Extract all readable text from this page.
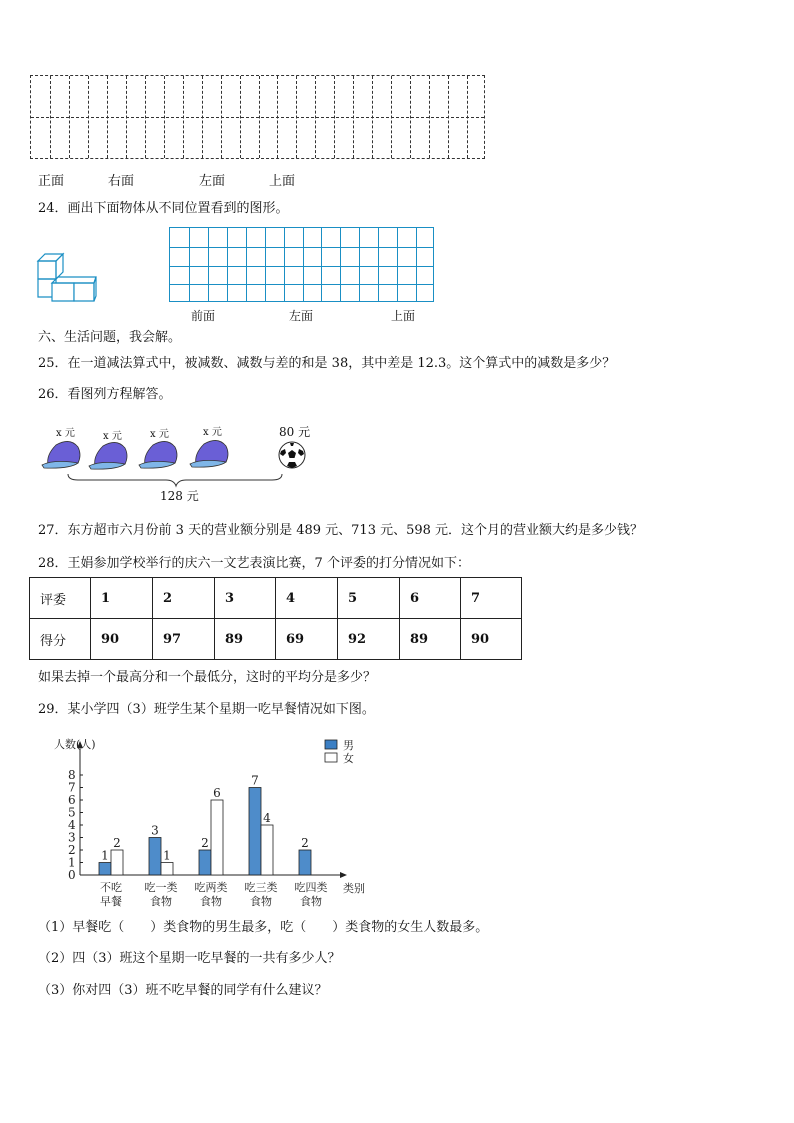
正面	右面	左面	上面
24．画出下面物体从不同位置看到的图形。
前面	左面	上面
六、生活问题，我会解。
25．在一道减法算式中，被减数、减数与差的和是 38，其中差是 12.3。这个算式中的减数是多少？
26．看图列方程解答。
x 元	x 元	x 元	x 元	80 元
128 元
27．东方超市六月份前 3 天的营业额分别是 489 元、713 元、598 元．这个月的营业额大约是多少钱？
28．王娟参加学校举行的庆六一文艺表演比赛，7 个评委的打分情况如下：
评委	1	2	3	4	5	6	7
得分	90	97	89	69	92	89	90
如果去掉一个最高分和一个最低分，这时的平均分是多少？
29．某小学四（3）班学生某个星期一吃早餐情况如下图。
人数(人)
0
1
2
3
4
5
6
7
8
类别
1
2
不吃
早餐
3
1
吃一类
食物
2
6
吃两类
食物
7
4
吃三类
食物
2
吃四类
食物
男
女
（1）早餐吃（　　）类食物的男生最多，吃（　　）类食物的女生人数最多。
（2）四（3）班这个星期一吃早餐的一共有多少人？
（3）你对四（3）班不吃早餐的同学有什么建议？
